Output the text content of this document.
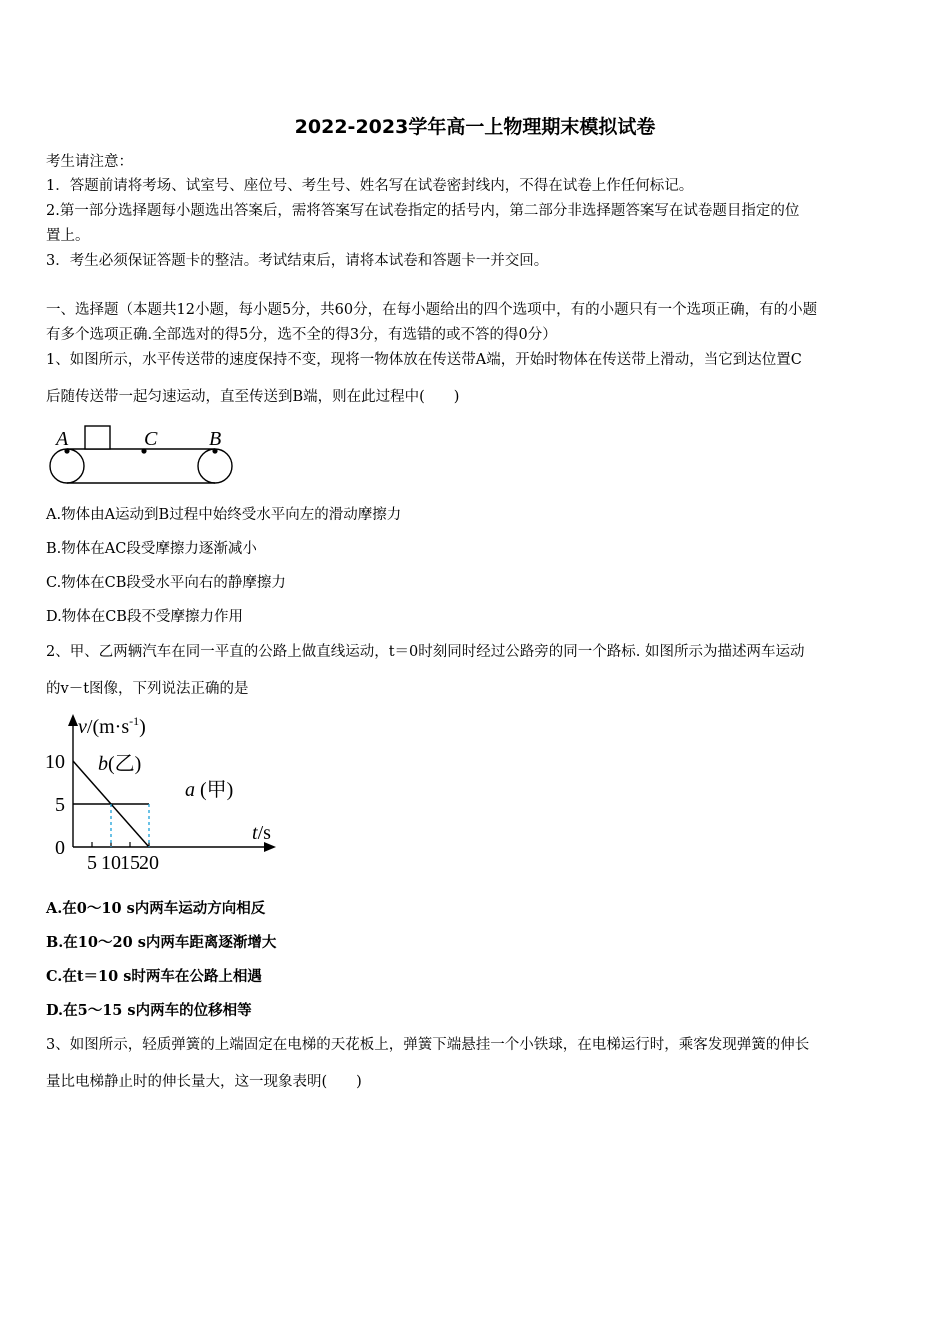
2022-2023学年高一上物理期末模拟试卷
考生请注意：
1．答题前请将考场、试室号、座位号、考生号、姓名写在试卷密封线内，不得在试卷上作任何标记。
2.第一部分选择题每小题选出答案后，需将答案写在试卷指定的括号内，第二部分非选择题答案写在试卷题目指定的位
置上。
3．考生必须保证答题卡的整洁。考试结束后，请将本试卷和答题卡一并交回。
一、选择题（本题共12小题，每小题5分，共60分，在每小题给出的四个选项中，有的小题只有一个选项正确，有的小题
有多个选项正确.全部选对的得5分，选不全的得3分，有选错的或不答的得0分）
1、如图所示，水平传送带的速度保持不变，现将一物体放在传送带A端，开始时物体在传送带上滑动，当它到达位置C
后随传送带一起匀速运动，直至传送到B端，则在此过程中(　　)
A	C	B
A.物体由A运动到B过程中始终受水平向左的滑动摩擦力
B.物体在AC段受摩擦力逐渐减小
C.物体在CB段受水平向右的静摩擦力
D.物体在CB段不受摩擦力作用
2、甲、乙两辆汽车在同一平直的公路上做直线运动，t＝0时刻同时经过公路旁的同一个路标. 如图所示为描述两车运动
的v－t图像，下列说法正确的是
5 10 15 20
0
5
10
$v/(m\cdot s^{-1})$
t/s
b(乙)
a (甲)
A.在0～10 s内两车运动方向相反
B.在10～20 s内两车距离逐渐增大
C.在t＝10 s时两车在公路上相遇
D.在5～15 s内两车的位移相等
3、如图所示，轻质弹簧的上端固定在电梯的天花板上，弹簧下端悬挂一个小铁球，在电梯运行时，乘客发现弹簧的伸长
量比电梯静止时的伸长量大，这一现象表明(　　)
